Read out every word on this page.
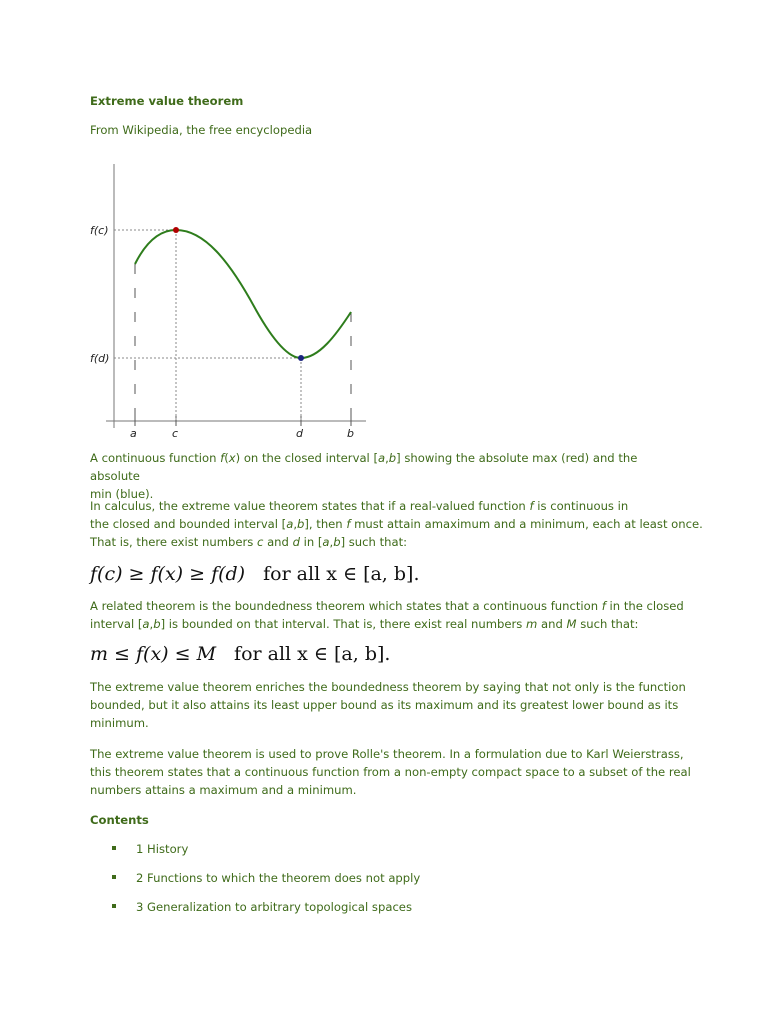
Extreme value theorem
From Wikipedia, the free encyclopedia
f(c)
f(d)
a	c	d	b
A continuous function f(x) on the closed interval [a,b] showing the absolute max (red) and the absolute
min (blue).
In calculus, the extreme value theorem states that if a real-valued function f is continuous in
the closed and bounded interval [a,b], then f must attain amaximum and a minimum, each at least once.
That is, there exist numbers c and d in [a,b] such that:
f(c) ≥ f(x) ≥ f(d) for all x ∈ [a, b].
A related theorem is the boundedness theorem which states that a continuous function f in the closed
interval [a,b] is bounded on that interval. That is, there exist real numbers m and M such that:
m ≤ f(x) ≤ M for all x ∈ [a, b].
The extreme value theorem enriches the boundedness theorem by saying that not only is the function
bounded, but it also attains its least upper bound as its maximum and its greatest lower bound as its
minimum.
The extreme value theorem is used to prove Rolle's theorem. In a formulation due to Karl Weierstrass,
this theorem states that a continuous function from a non-empty compact space to a subset of the real
numbers attains a maximum and a minimum.
Contents
1 History
2 Functions to which the theorem does not apply
3 Generalization to arbitrary topological spaces
